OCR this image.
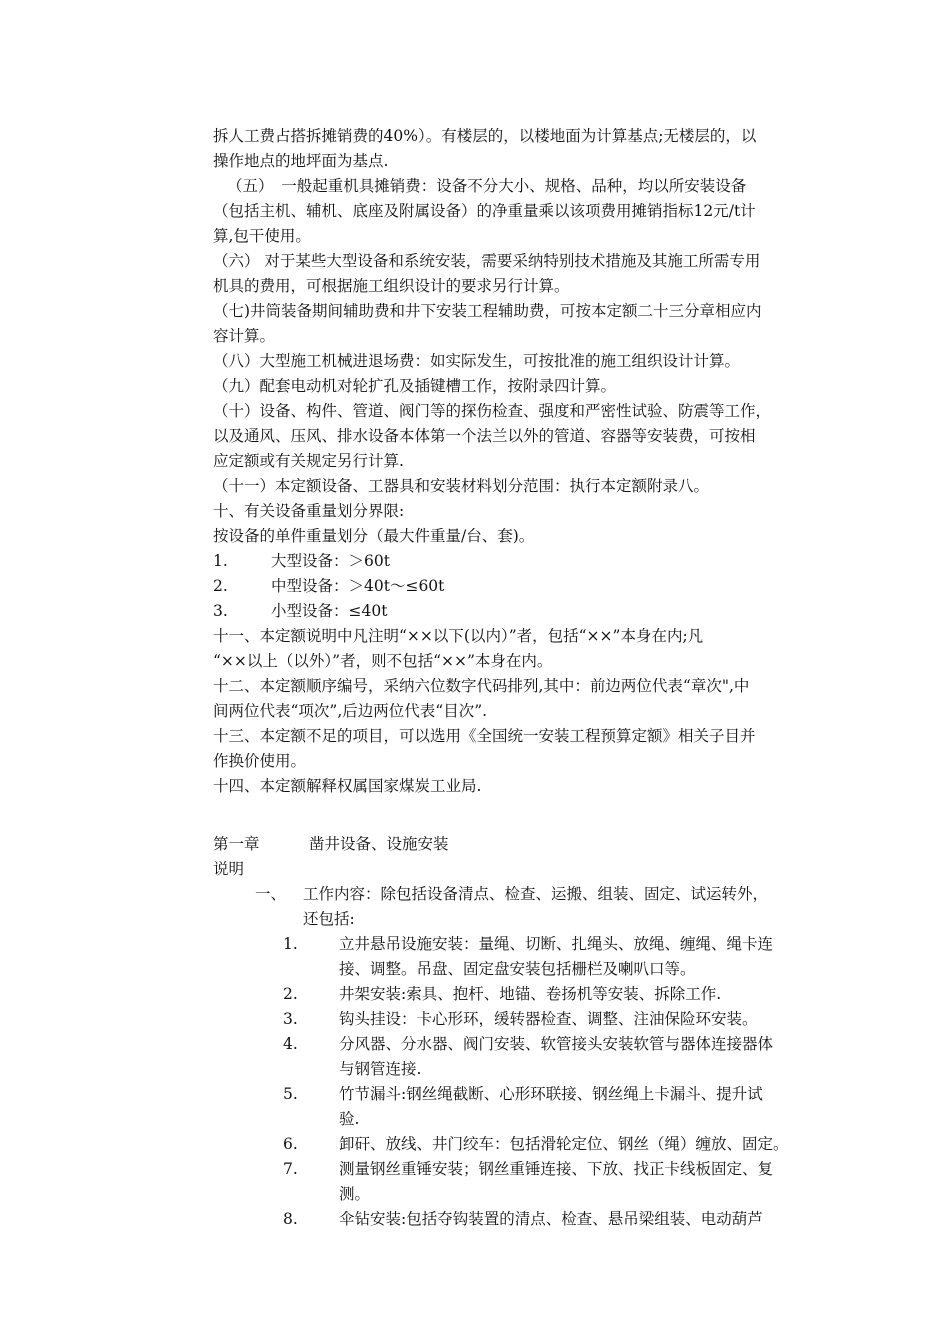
拆人工费占搭拆摊销费的40%）。有楼层的，以楼地面为计算基点;无楼层的，以
操作地点的地坪面为基点.
（五）　一般起重机具摊销费：设备不分大小、规格、品种，均以所安装设备
（包括主机、辅机、底座及附属设备）的净重量乘以该项费用摊销指标12元/t计
算,包干使用。
（六） 对于某些大型设备和系统安装，需要采纳特别技术措施及其施工所需专用
机具的费用，可根据施工组织设计的要求另行计算。
（七)井筒装备期间辅助费和井下安装工程辅助费，可按本定额二十三分章相应内
容计算。
（八）大型施工机械进退场费：如实际发生，可按批准的施工组织设计计算。
（九）配套电动机对轮扩孔及插键槽工作，按附录四计算。
（十）设备、构件、管道、阀门等的探伤检查、强度和严密性试验、防震等工作，
以及通风、压风、排水设备本体第一个法兰以外的管道、容器等安装费，可按相
应定额或有关规定另行计算.
（十一）本定额设备、工器具和安装材料划分范围：执行本定额附录八。
十、有关设备重量划分界限:
按设备的单件重量划分（最大件重量/台、套)。
1.	大型设备：＞60t
2.	中型设备：＞40t～≤60t
3.	小型设备：≤40t
十一、本定额说明中凡注明“××以下(以内）”者，包括“××”本身在内;凡
“××以上（以外）”者，则不包括“××”本身在内。
十二、本定额顺序编号，采纳六位数字代码排列,其中：前边两位代表“章次",中
间两位代表“项次”,后边两位代表“目次”.
十三、本定额不足的项目，可以选用《全国统一安装工程预算定额》相关子目并
作换价使用。
十四、本定额解释权属国家煤炭工业局.
第一章	凿井设备、设施安装
说明
一、 工作内容：除包括设备清点、检查、运搬、组装、固定、试运转外，
还包括:
1.	立井悬吊设施安装：量绳、切断、扎绳头、放绳、缠绳、绳卡连
接、调整。吊盘、固定盘安装包括栅栏及喇叭口等。
2.	井架安装:索具、抱杆、地锚、卷扬机等安装、拆除工作.
3.	钩头挂设：卡心形环，缓转器检查、调整、注油保险环安装。
4.	分风器、分水器、阀门安装、软管接头安装软管与器体连接器体
与钢管连接.
5.	竹节漏斗:钢丝绳截断、心形环联接、钢丝绳上卡漏斗、提升试
验.
6.	卸矸、放线、井门绞车：包括滑轮定位、钢丝（绳）缠放、固定。
7.	测量钢丝重锤安装；钢丝重锤连接、下放、找正卡线板固定、复
测。
8.	伞钻安装:包括夺钩装置的清点、检查、悬吊梁组装、电动葫芦
